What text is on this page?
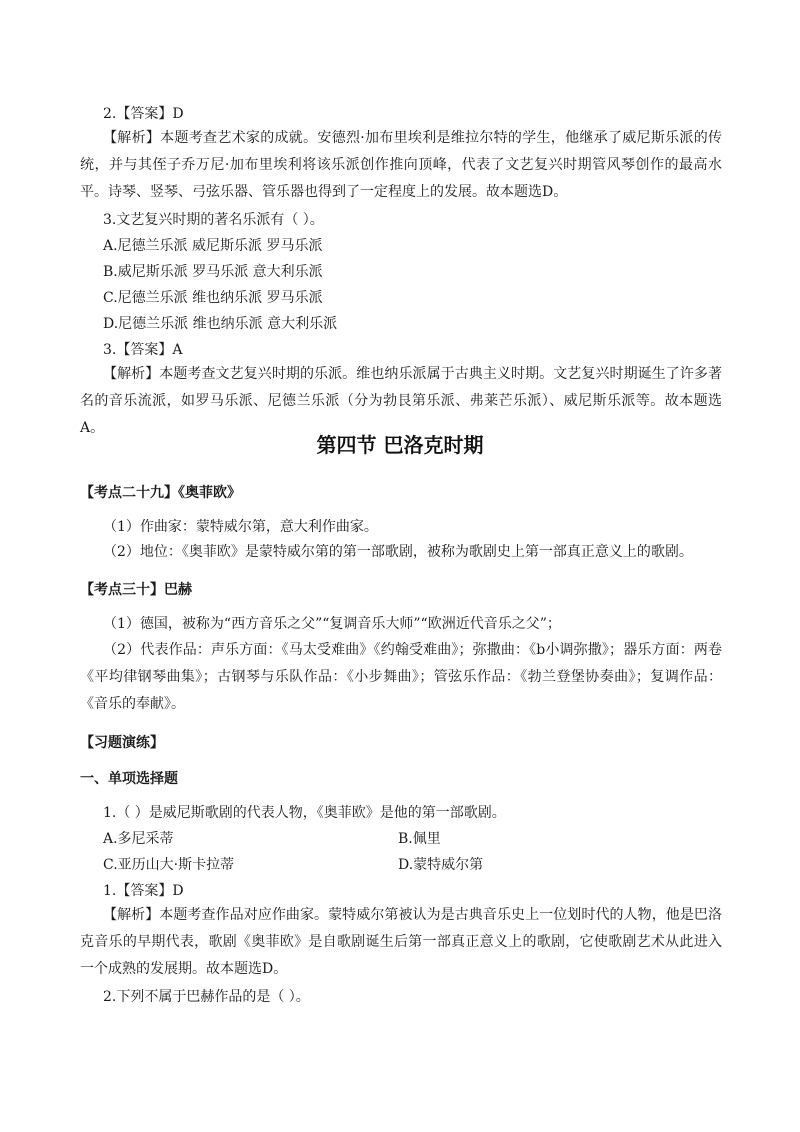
2.【答案】D
【解析】本题考查艺术家的成就。安德烈·加布里埃利是维拉尔特的学生，他继承了威尼斯乐派的传统，并与其侄子乔万尼·加布里埃利将该乐派创作推向顶峰，代表了文艺复兴时期管风琴创作的最高水平。诗琴、竖琴、弓弦乐器、管乐器也得到了一定程度上的发展。故本题选D。
3.文艺复兴时期的著名乐派有（ ）。
A.尼德兰乐派 威尼斯乐派 罗马乐派
B.威尼斯乐派 罗马乐派 意大利乐派
C.尼德兰乐派 维也纳乐派 罗马乐派
D.尼德兰乐派 维也纳乐派 意大利乐派
3.【答案】A
【解析】本题考查文艺复兴时期的乐派。维也纳乐派属于古典主义时期。文艺复兴时期诞生了许多著名的音乐流派，如罗马乐派、尼德兰乐派（分为勃艮第乐派、弗莱芒乐派）、威尼斯乐派等。故本题选A。
第四节 巴洛克时期
【考点二十九】《奥菲欧》
（1）作曲家：蒙特威尔第，意大利作曲家。
（2）地位：《奥菲欧》是蒙特威尔第的第一部歌剧，被称为歌剧史上第一部真正意义上的歌剧。
【考点三十】巴赫
（1）德国，被称为“西方音乐之父”“复调音乐大师”“欧洲近代音乐之父”；
（2）代表作品：声乐方面：《马太受难曲》《约翰受难曲》；弥撒曲：《b小调弥撒》；器乐方面：两卷《平均律钢琴曲集》；古钢琴与乐队作品：《小步舞曲》；管弦乐作品：《勃兰登堡协奏曲》；复调作品：《音乐的奉献》。
【习题演练】
一、单项选择题
1.（ ）是威尼斯歌剧的代表人物，《奥菲欧》是他的第一部歌剧。
A.多尼采蒂	B.佩里
C.亚历山大·斯卡拉蒂	D.蒙特威尔第
1.【答案】D
【解析】本题考查作品对应作曲家。蒙特威尔第被认为是古典音乐史上一位划时代的人物，他是巴洛克音乐的早期代表，歌剧《奥菲欧》是自歌剧诞生后第一部真正意义上的歌剧，它使歌剧艺术从此进入一个成熟的发展期。故本题选D。
2.下列不属于巴赫作品的是（ ）。
